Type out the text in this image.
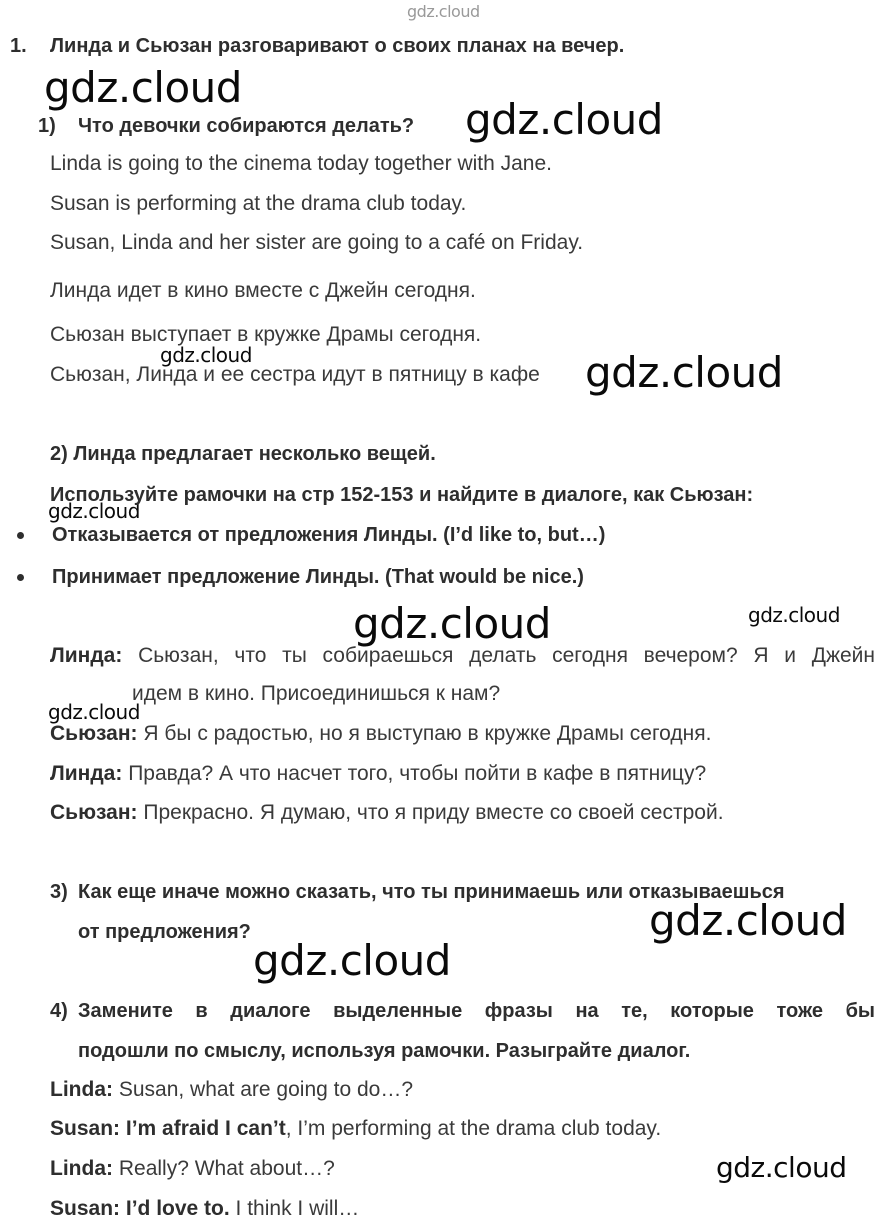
gdz.cloud
gdz.cloud
gdz.cloud
gdz.cloud	gdz.cloud
gdz.cloud
gdz.cloud	gdz.cloud
gdz.cloud
gdz.cloud
gdz.cloud
gdz.cloud
1. Линда и Сьюзан разговаривают о своих планах на вечер.
1) Что девочки собираются делать?
Linda is going to the cinema today together with Jane.
Susan is performing at the drama club today.
Susan, Linda and her sister are going to a café on Friday.
Линда идет в кино вместе с Джейн сегодня.
Сьюзан выступает в кружке Драмы сегодня.
Сьюзан, Линда и ее сестра идут в пятницу в кафе
2) Линда предлагает несколько вещей.
Используйте рамочки на стр 152-153 и найдите в диалоге, как Сьюзан:
Отказывается от предложения Линды. (I’d like to, but…)
Принимает предложение Линды. (That would be nice.)
Линда: Сьюзан, что ты собираешься делать сегодня вечером? Я и Джейн
идем в кино. Присоединишься к нам?
Сьюзан: Я бы с радостью, но я выступаю в кружке Драмы сегодня.
Линда: Правда? А что насчет того, чтобы пойти в кафе в пятницу?
Сьюзан: Прекрасно. Я думаю, что я приду вместе со своей сестрой.
3) Как еще иначе можно сказать, что ты принимаешь или отказываешься
от предложения?
4) Замените в диалоге выделенные фразы на те, которые тоже бы
подошли по смыслу, используя рамочки. Разыграйте диалог.
Linda: Susan, what are going to do…?
Susan: I’m afraid I can’t, I’m performing at the drama club today.
Linda: Really? What about…?
Susan: I’d love to. I think I will…
